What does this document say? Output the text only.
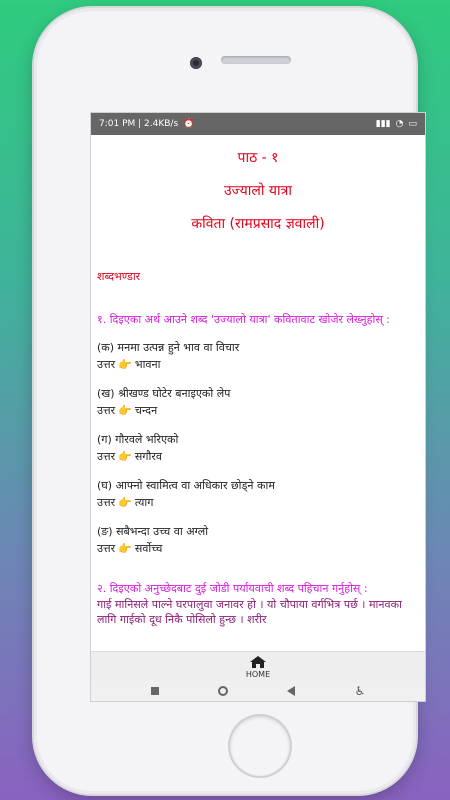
7:01 PM | 2.4KB/s ⏰	▮▮▮ ◔ ▭
पाठ - १
उज्यालो यात्रा
कविता (रामप्रसाद ज्ञवाली)
शब्दभण्डार
१. दिइएका अर्थ आउने शब्द 'उज्यालो यात्रा' कवितावाट खोजेर लेख्नुहोस् :
(क) मनमा उत्पन्न हुने भाव वा विचार
उत्तर 👉 भावना
(ख) श्रीखण्ड घोटेर बनाइएको लेप
उत्तर 👉 चन्दन
(ग) गौरवले भरिएको
उत्तर 👉 सगौरव
(घ) आफ्नो स्वामित्व वा अधिकार छोड्ने काम
उत्तर 👉 त्याग
(ङ) सबैभन्दा उच्च वा अग्लो
उत्तर 👉 सर्वोच्च
२. दिइएको अनुच्छेदबाट दुई जोडी पर्यायवाची शब्द पहिचान गर्नुहोस् :
गाई मानिसले पाल्ने घरपालुवा जनावर हो । यो चौपाया वर्गभित्र पर्छ । मानवका लागि गाईको दूध निकै पोसिलो हुन्छ । शरीर
HOME
♿
